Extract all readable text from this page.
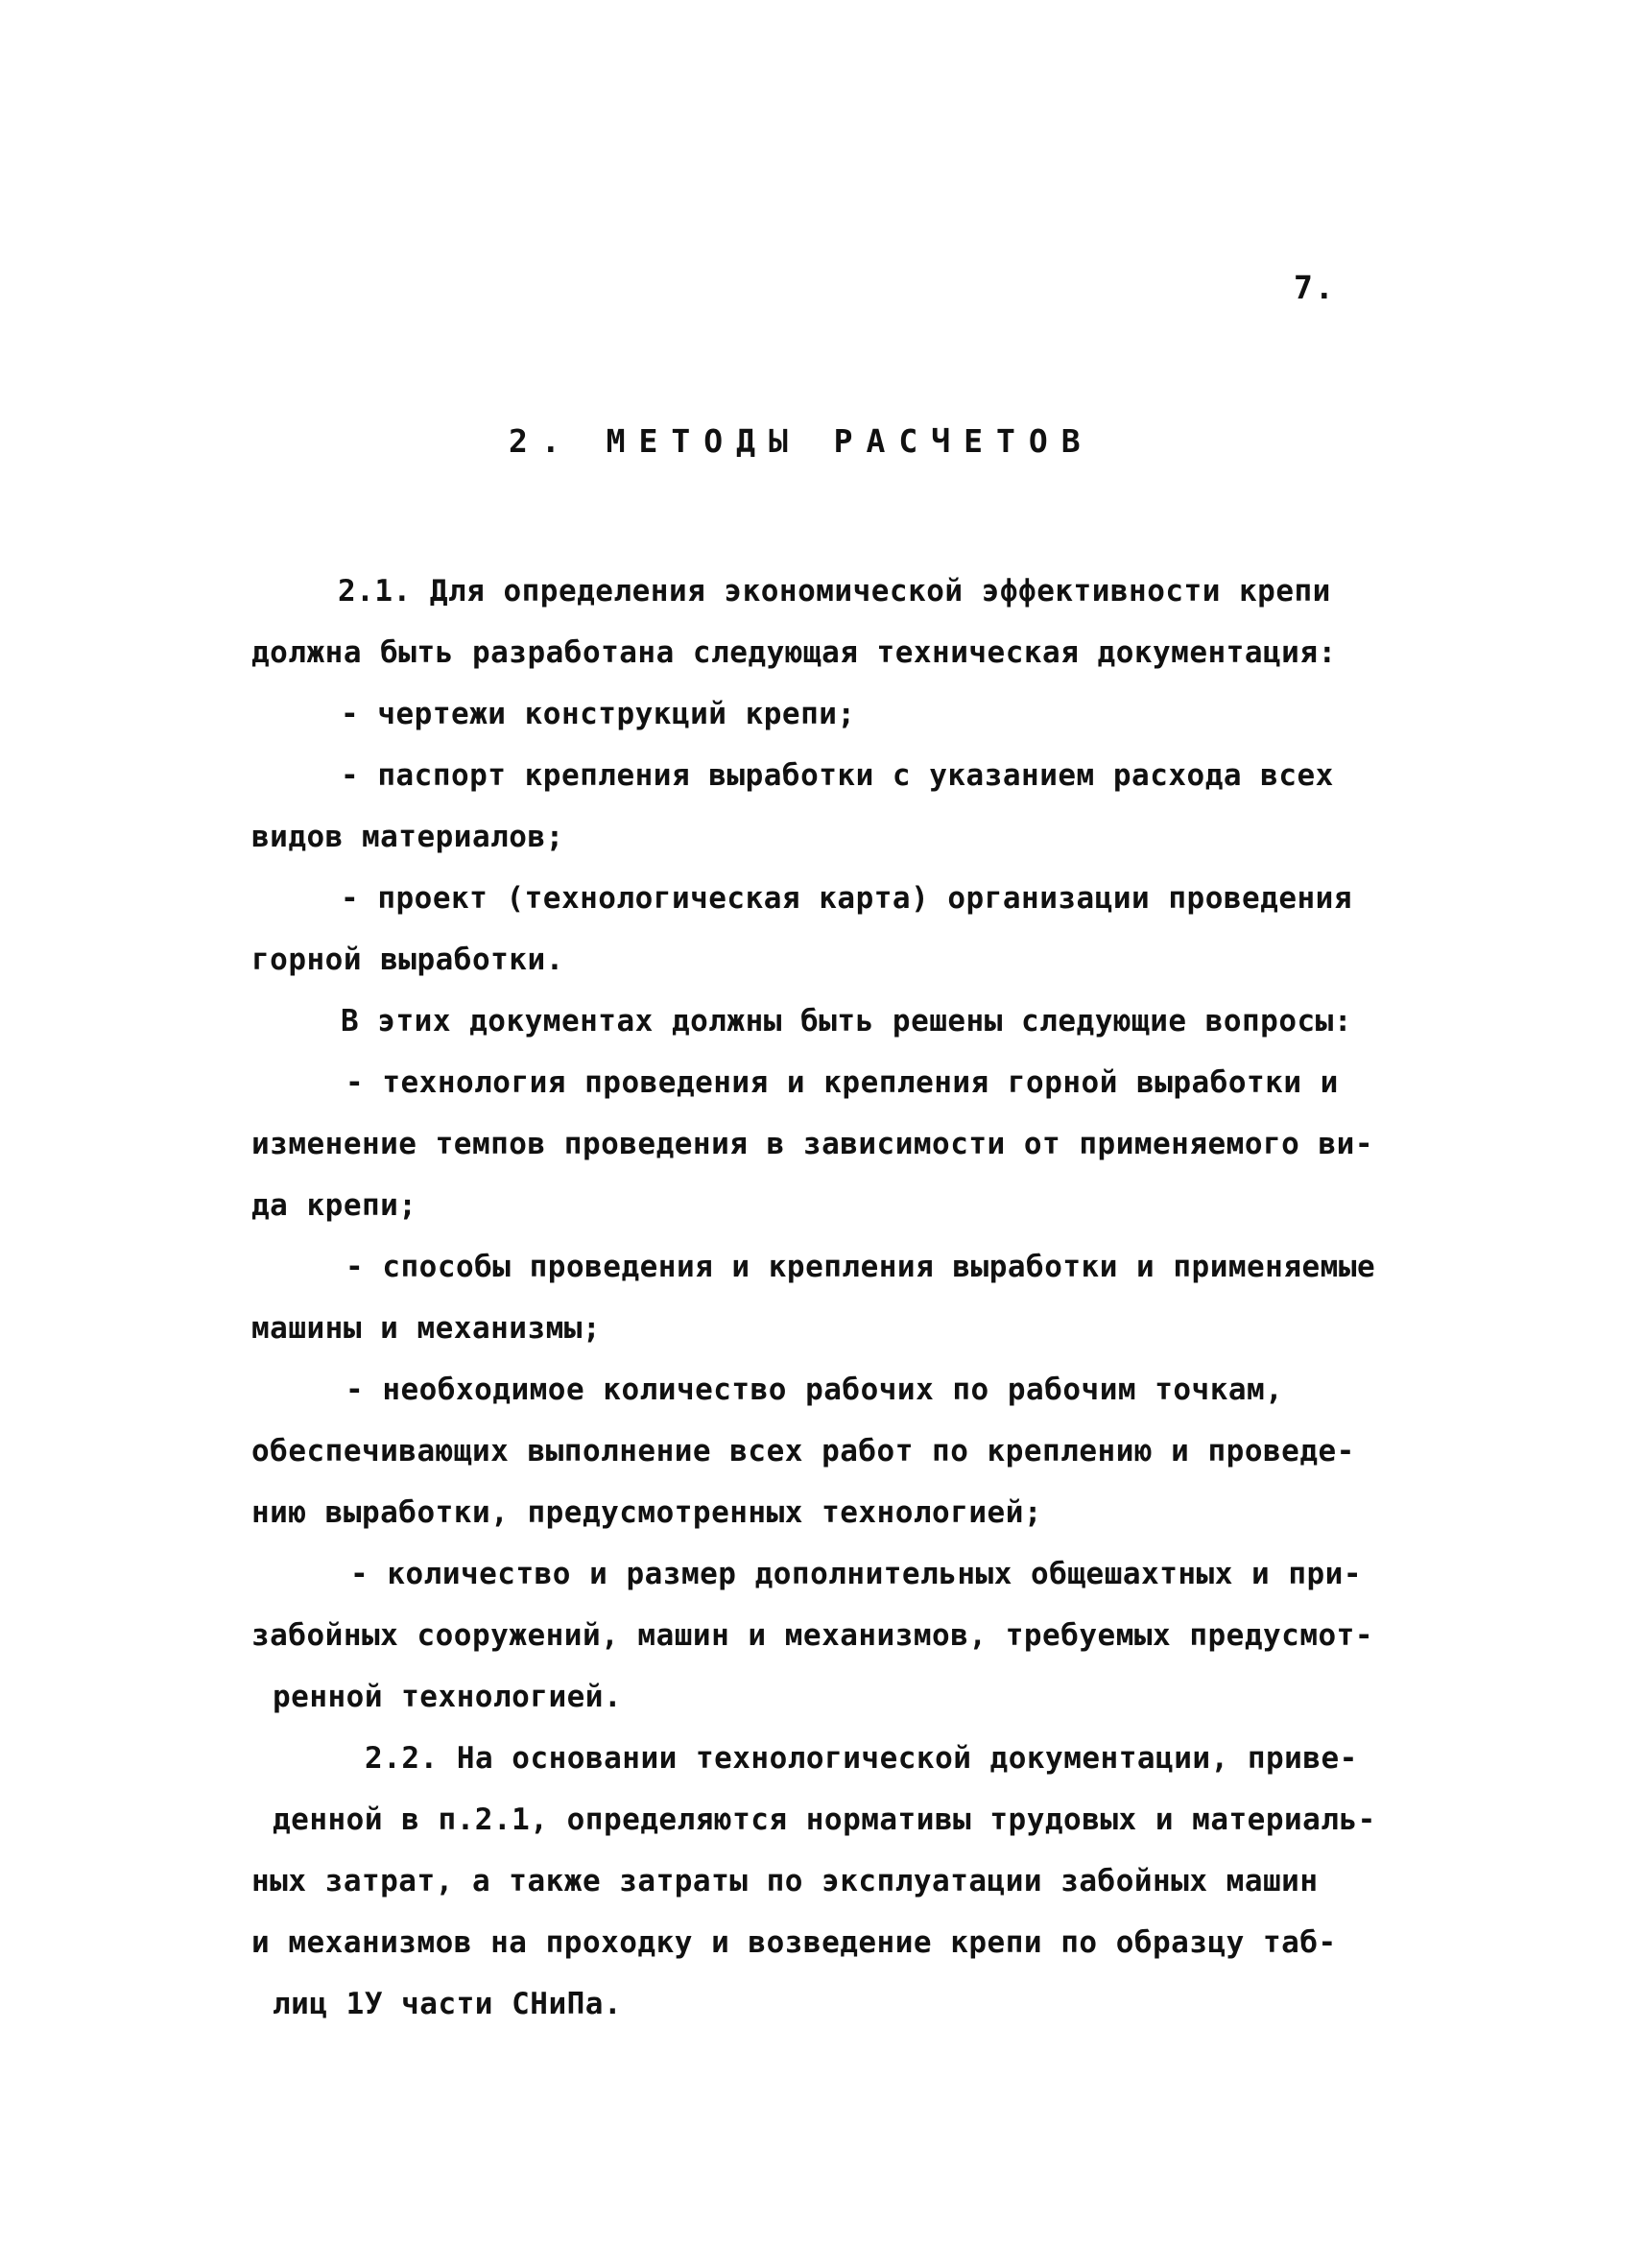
7.
2. МЕТОДЫ РАСЧЕТОВ
2.1. Для определения экономической эффективности крепи
должна быть разработана следующая техническая документация:
- чертежи конструкций крепи;
- паспорт крепления выработки с указанием расхода всех
видов материалов;
- проект (технологическая карта) организации проведения
горной выработки.
В этих документах должны быть решены следующие вопросы:
- технология проведения и крепления горной выработки и
изменение темпов проведения в зависимости от применяемого ви-
да крепи;
- способы проведения и крепления выработки и применяемые
машины и механизмы;
- необходимое количество рабочих по рабочим точкам,
обеспечивающих выполнение всех работ по креплению и проведе-
нию выработки, предусмотренных технологией;
- количество и размер дополнительных общешахтных и при-
забойных сооружений, машин и механизмов, требуемых предусмот-
ренной технологией.
2.2. На основании технологической документации, приве-
денной в п.2.1, определяются нормативы трудовых и материаль-
ных затрат, а также затраты по эксплуатации забойных машин
и механизмов на проходку и возведение крепи по образцу таб-
лиц 1У части СНиПа.
